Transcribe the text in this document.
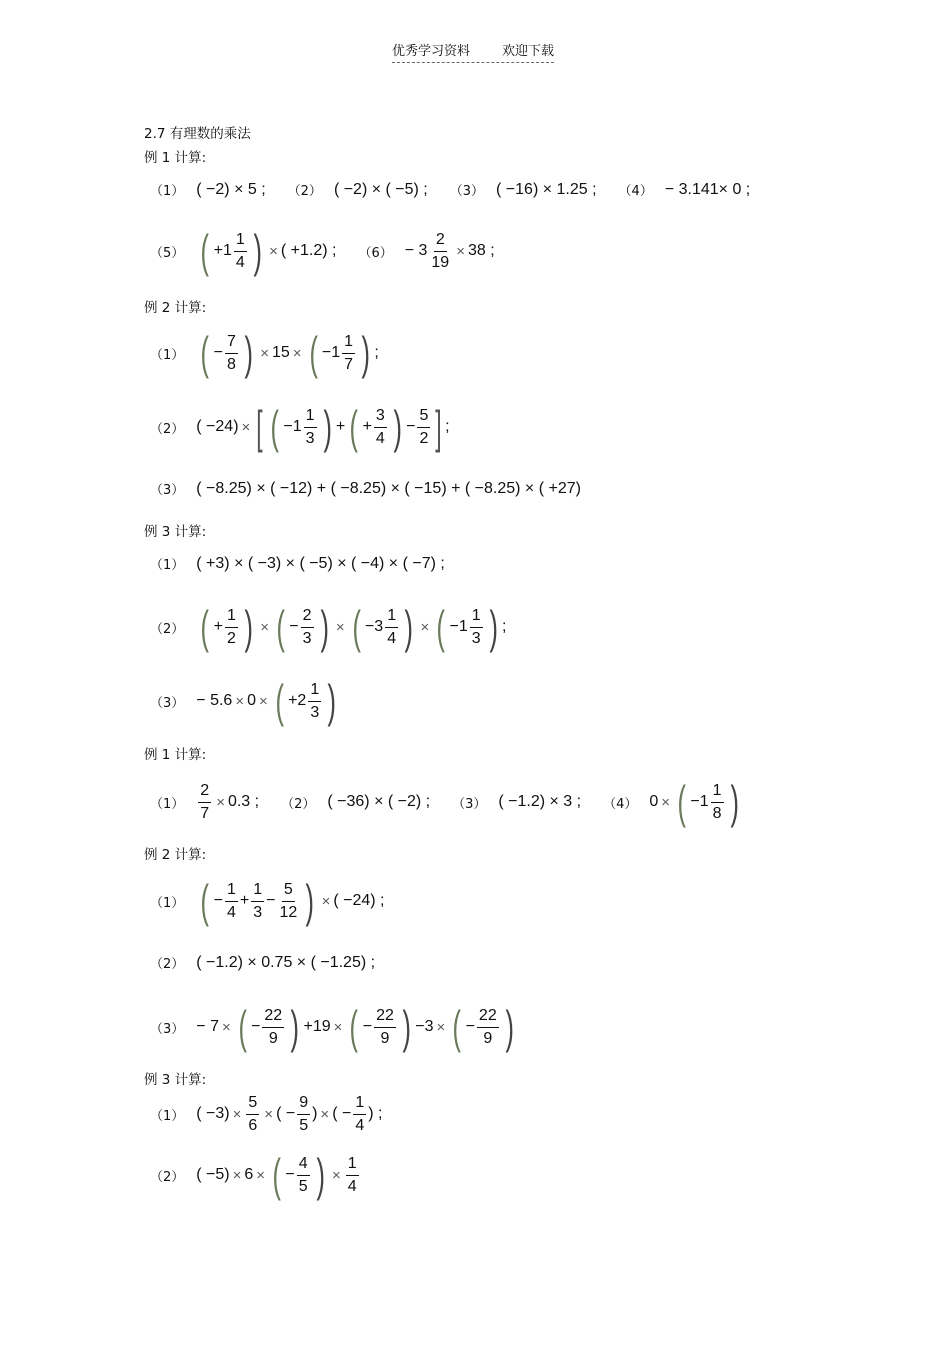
优秀学习资料 欢迎下载
2.7 有理数的乘法
例 1 计算:
（1） ( −2) × 5 ; （2） ( −2) × ( −5) ; （3） ( −16) × 1.25 ; （4） − 3.141× 0 ;
（5） ( $+1 \frac{1}{4}$ ) × ( +1.2) ; $(6) - 3 \frac{2}{19} \times 38$ ;
例 2 计算:
（1） ( − $\frac{7}{8}$ ) × 15 × ( $-1 \frac{1}{7}$ ) ;
（2） ( −24) × [ ( $-1 \frac{1}{3}$ ) + ( + $\frac{3}{4}$ ) − $\frac{5}{2}$ ] ;
（3） ( −8.25) × ( −12) + ( −8.25) × ( −15) + ( −8.25) × ( +27)
例 3 计算:
（1） ( +3) × ( −3) × ( −5) × ( −4) × ( −7) ;
（2） ( + $\frac{1}{2}$ ) × ( − $\frac{2}{3}$ ) × ( $-3 \frac{1}{4}$ ) × ( $-1 \frac{1}{3}$ ) ;
（3） − 5.6 × 0 × ( $+2 \frac{1}{3}$ )
例 1 计算:
$(1) \frac{2}{7} \times 0.3$ ; （2） ( −36) × ( −2) ; （3） ( −1.2) × 3 ; （4） 0 × ( $-1 \frac{1}{8}$ )
例 2 计算:
（1） ( − $\frac{1}{4} + \frac{1}{3} - \frac{5}{12}$ ) × ( −24) ;
（2） ( −1.2) × 0.75 × ( −1.25) ;
（3） − 7 × ( − $\frac{22}{9}$ ) +19 × ( − $\frac{22}{9}$ ) −3 × ( − $\frac{22}{9}$ )
例 3 计算:
（1） ( $-3) \times \frac{5}{6}$ × ( − $\frac{9}{5}$ ) × ( − $\frac{1}{4}$ ) ;
（2） ( −5) × 6 × ( − $\frac{4}{5}$ ) × $\frac{1}{4}$
